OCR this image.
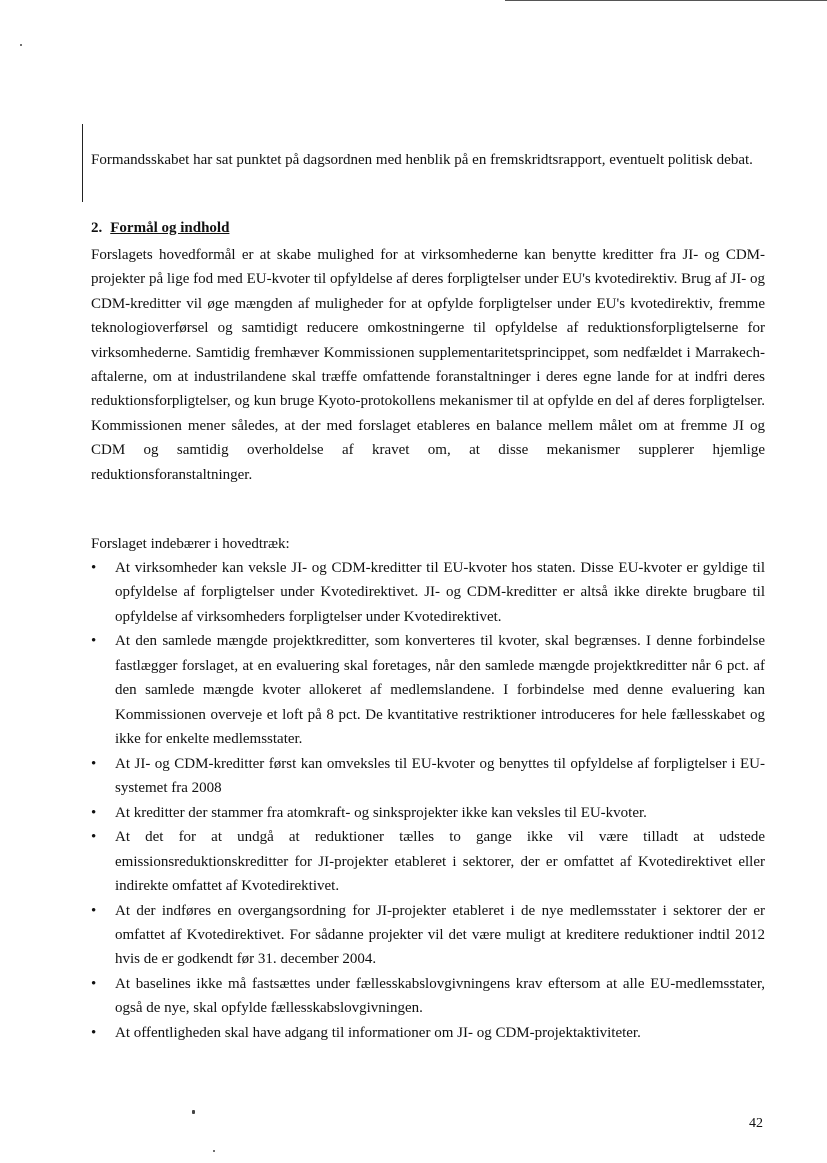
Formandsskabet har sat punktet på dagsordnen med henblik på en fremskridtsrapport, eventuelt politisk debat.

2. Formål og indhold

Forslagets hovedformål er at skabe mulighed for at virksomhederne kan benytte kreditter fra JI- og CDM-projekter på lige fod med EU-kvoter til opfyldelse af deres forpligtelser under EU's kvotedirektiv. Brug af JI- og CDM-kreditter vil øge mængden af muligheder for at opfylde forpligtelser under EU's kvotedirektiv, fremme teknologioverførsel og samtidigt reducere omkostningerne til opfyldelse af reduktionsforpligtelserne for virksomhederne. Samtidig fremhæver Kommissionen supplementaritetsprincippet, som nedfældet i Marrakech-aftalerne, om at industrilandene skal træffe omfattende foranstaltninger i deres egne lande for at indfri deres reduktionsforpligtelser, og kun bruge Kyoto-protokollens mekanismer til at opfylde en del af deres forpligtelser. Kommissionen mener således, at der med forslaget etableres en balance mellem målet om at fremme JI og CDM og samtidig overholdelse af kravet om, at disse mekanismer supplerer hjemlige reduktionsforanstaltninger.

Forslaget indebærer i hovedtræk:

• At virksomheder kan veksle JI- og CDM-kreditter til EU-kvoter hos staten. Disse EU-kvoter er gyldige til opfyldelse af forpligtelser under Kvotedirektivet. JI- og CDM-kreditter er altså ikke direkte brugbare til opfyldelse af virksomheders forpligtelser under Kvotedirektivet.
• At den samlede mængde projektkreditter, som konverteres til kvoter, skal begrænses. I denne forbindelse fastlægger forslaget, at en evaluering skal foretages, når den samlede mængde projektkreditter når 6 pct. af den samlede mængde kvoter allokeret af medlemslandene. I forbindelse med denne evaluering kan Kommissionen overveje et loft på 8 pct. De kvantitative restriktioner introduceres for hele fællesskabet og ikke for enkelte medlemsstater.
• At JI- og CDM-kreditter først kan omveksles til EU-kvoter og benyttes til opfyldelse af forpligtelser i EU-systemet fra 2008
• At kreditter der stammer fra atomkraft- og sinksprojekter ikke kan veksles til EU-kvoter.
• At det for at undgå at reduktioner tælles to gange ikke vil være tilladt at udstede emissionsreduktionskreditter for JI-projekter etableret i sektorer, der er omfattet af Kvotedirektivet eller indirekte omfattet af Kvotedirektivet.
• At der indføres en overgangsordning for JI-projekter etableret i de nye medlemsstater i sektorer der er omfattet af Kvotedirektivet. For sådanne projekter vil det være muligt at kreditere reduktioner indtil 2012 hvis de er godkendt før 31. december 2004.
• At baselines ikke må fastsættes under fællesskabslovgivningens krav eftersom at alle EU-medlemsstater, også de nye, skal opfylde fællesskabslovgivningen.
• At offentligheden skal have adgang til informationer om JI- og CDM-projektaktiviteter.
42
